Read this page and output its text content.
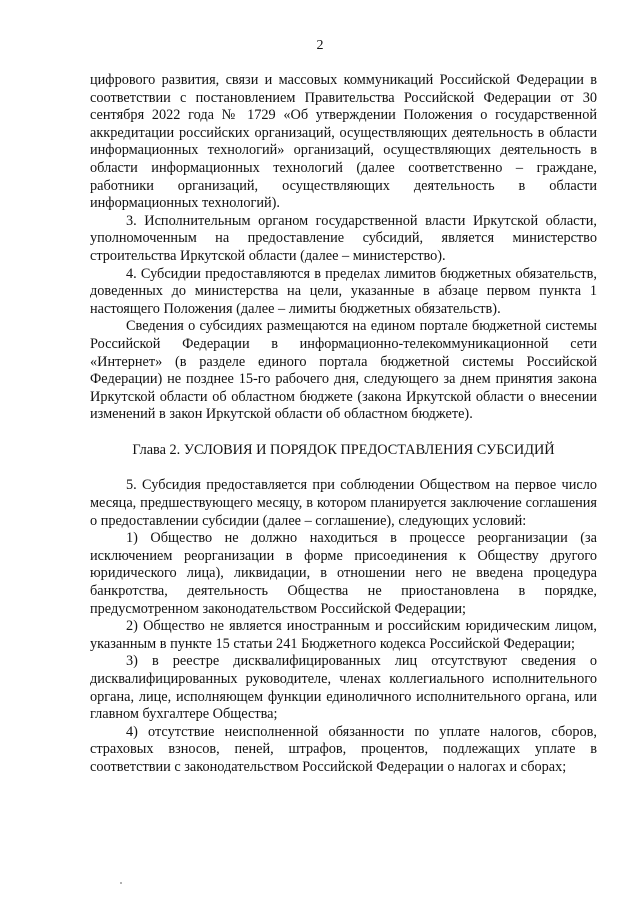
2

цифрового развития, связи и массовых коммуникаций Российской Федерации в соответствии с постановлением Правительства Российской Федерации от 30 сентября 2022 года № 1729 «Об утверждении Положения о государственной аккредитации российских организаций, осуществляющих деятельность в области информационных технологий» организаций, осуществляющих деятельность в области информационных технологий (далее соответственно – граждане, работники организаций, осуществляющих деятельность в области информационных технологий).

3. Исполнительным органом государственной власти Иркутской области, уполномоченным на предоставление субсидий, является министерство строительства Иркутской области (далее – министерство).

4. Субсидии предоставляются в пределах лимитов бюджетных обязательств, доведенных до министерства на цели, указанные в абзаце первом пункта 1 настоящего Положения (далее – лимиты бюджетных обязательств).

Сведения о субсидиях размещаются на едином портале бюджетной системы Российской Федерации в информационно-телекоммуникационной сети «Интернет» (в разделе единого портала бюджетной системы Российской Федерации) не позднее 15-го рабочего дня, следующего за днем принятия закона Иркутской области об областном бюджете (закона Иркутской области о внесении изменений в закон Иркутской области об областном бюджете).

Глава 2. УСЛОВИЯ И ПОРЯДОК ПРЕДОСТАВЛЕНИЯ СУБСИДИЙ

5. Субсидия предоставляется при соблюдении Обществом на первое число месяца, предшествующего месяцу, в котором планируется заключение соглашения о предоставлении субсидии (далее – соглашение), следующих условий:

1) Общество не должно находиться в процессе реорганизации (за исключением реорганизации в форме присоединения к Обществу другого юридического лица), ликвидации, в отношении него не введена процедура банкротства, деятельность Общества не приостановлена в порядке, предусмотренном законодательством Российской Федерации;

2) Общество не является иностранным и российским юридическим лицом, указанным в пункте 15 статьи 241 Бюджетного кодекса Российской Федерации;

3) в реестре дисквалифицированных лиц отсутствуют сведения о дисквалифицированных руководителе, членах коллегиального исполнительного органа, лице, исполняющем функции единоличного исполнительного органа, или главном бухгалтере Общества;

4) отсутствие неисполненной обязанности по уплате налогов, сборов, страховых взносов, пеней, штрафов, процентов, подлежащих уплате в соответствии с законодательством Российской Федерации о налогах и сборах;
